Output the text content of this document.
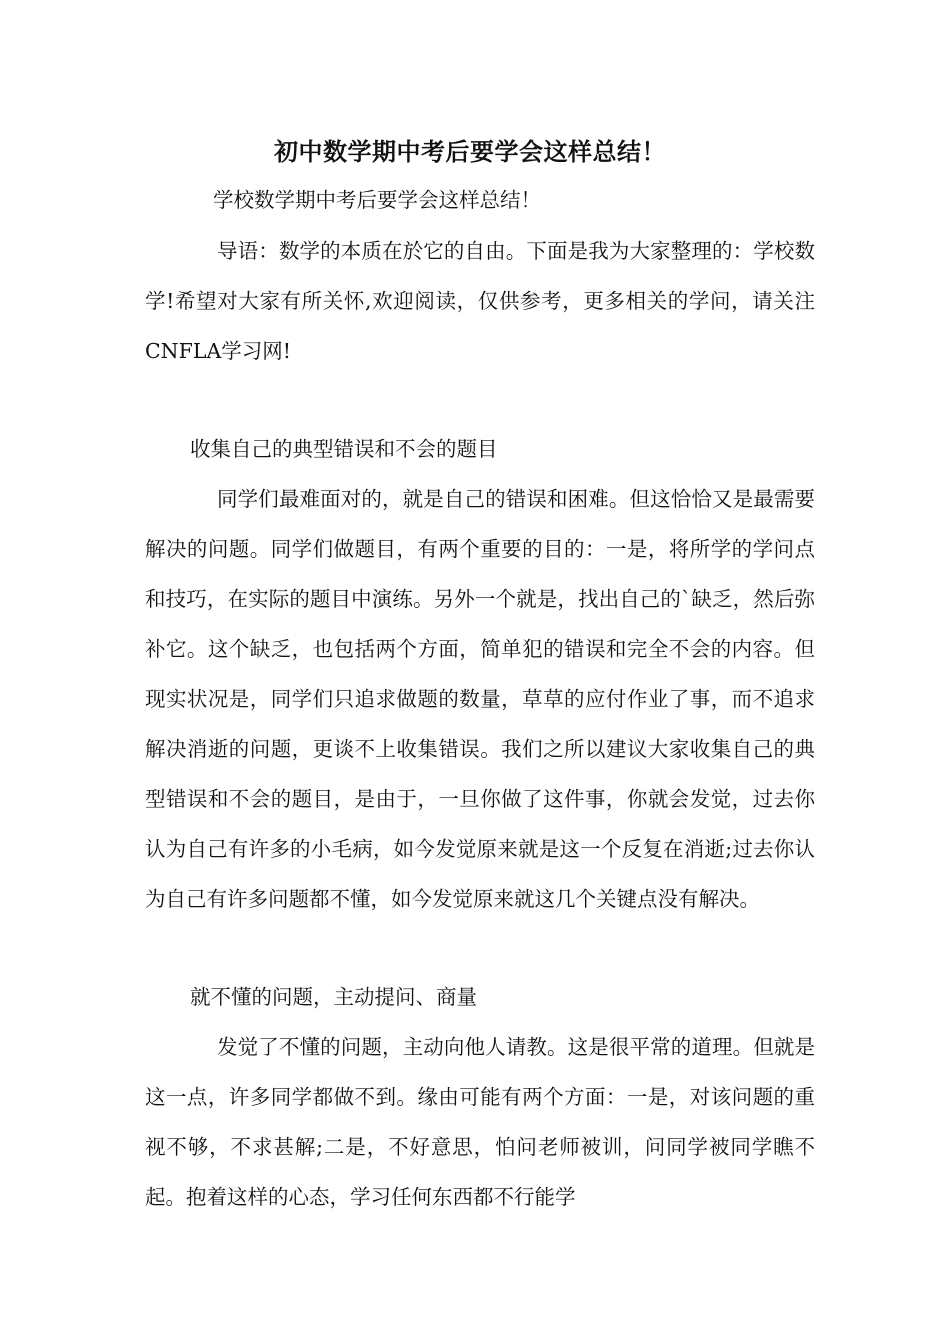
初中数学期中考后要学会这样总结！

学校数学期中考后要学会这样总结！

导语：数学的本质在於它的自由。下面是我为大家整理的：学校数学!希望对大家有所关怀,欢迎阅读，仅供参考，更多相关的学问，请关注CNFLA学习网!

收集自己的典型错误和不会的题目

同学们最难面对的，就是自己的错误和困难。但这恰恰又是最需要解决的问题。同学们做题目，有两个重要的目的：一是，将所学的学问点和技巧，在实际的题目中演练。另外一个就是，找出自己的`缺乏，然后弥补它。这个缺乏，也包括两个方面，简单犯的错误和完全不会的内容。但现实状况是，同学们只追求做题的数量，草草的应付作业了事，而不追求解决消逝的问题，更谈不上收集错误。我们之所以建议大家收集自己的典型错误和不会的题目，是由于，一旦你做了这件事，你就会发觉，过去你认为自己有许多的小毛病，如今发觉原来就是这一个反复在消逝;过去你认为自己有许多问题都不懂，如今发觉原来就这几个关键点没有解决。

就不懂的问题，主动提问、商量

发觉了不懂的问题，主动向他人请教。这是很平常的道理。但就是这一点，许多同学都做不到。缘由可能有两个方面：一是，对该问题的重视不够，不求甚解;二是，不好意思，怕问老师被训，问同学被同学瞧不起。抱着这样的心态，学习任何东西都不行能学
